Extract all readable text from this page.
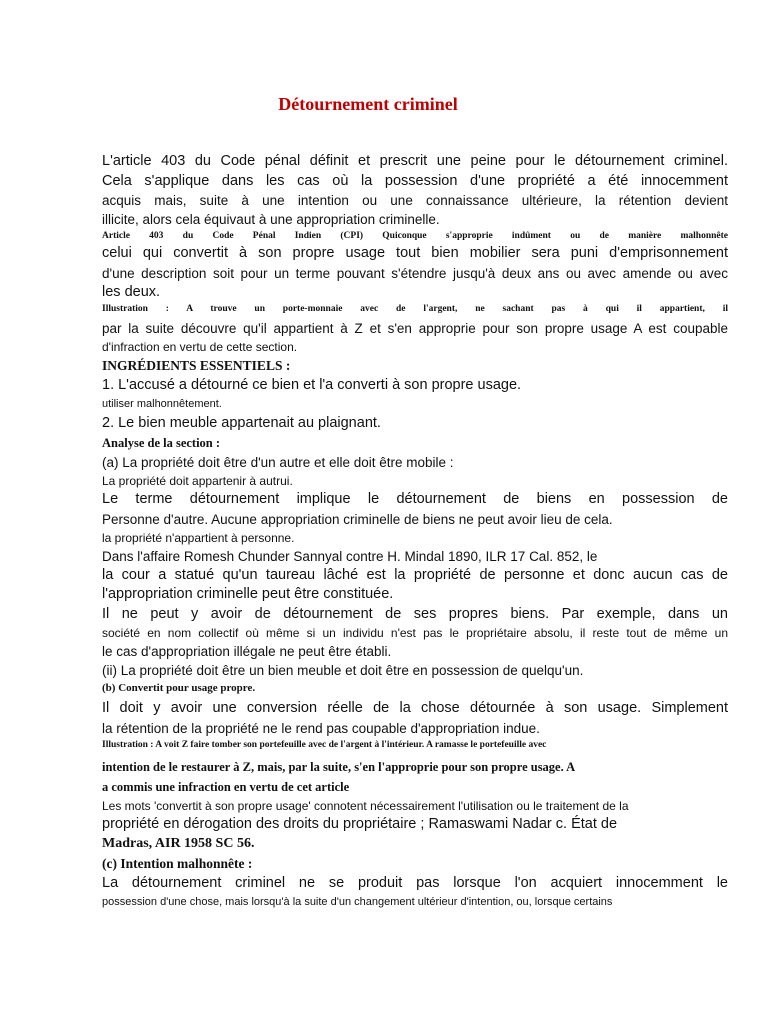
Détournement criminel

L'article 403 du Code pénal définit et prescrit une peine pour le détournement criminel.

Cela s'applique dans les cas où la possession d'une propriété a été innocemment

acquis mais, suite à une intention ou une connaissance ultérieure, la rétention devient

illicite, alors cela équivaut à une appropriation criminelle.

Article 403 du Code Pénal Indien (CPI) Quiconque s'approprie indûment ou de manière malhonnête

celui qui convertit à son propre usage tout bien mobilier sera puni d'emprisonnement

d'une description soit pour un terme pouvant s'étendre jusqu'à deux ans ou avec amende ou avec

les deux.

Illustration : A trouve un porte-monnaie avec de l'argent, ne sachant pas à qui il appartient, il

par la suite découvre qu'il appartient à Z et s'en approprie pour son propre usage A est coupable

d'infraction en vertu de cette section.

INGRÉDIENTS ESSENTIELS :

1. L'accusé a détourné ce bien et l'a converti à son propre usage.

utiliser malhonnêtement.

2. Le bien meuble appartenait au plaignant.

Analyse de la section :

(a) La propriété doit être d'un autre et elle doit être mobile :

La propriété doit appartenir à autrui.

Le terme détournement implique le détournement de biens en possession de

Personne d'autre. Aucune appropriation criminelle de biens ne peut avoir lieu de cela.

la propriété n'appartient à personne.

Dans l'affaire Romesh Chunder Sannyal contre H. Mindal 1890, ILR 17 Cal. 852, le

la cour a statué qu'un taureau lâché est la propriété de personne et donc aucun cas de

l'appropriation criminelle peut être constituée.

Il ne peut y avoir de détournement de ses propres biens. Par exemple, dans un

société en nom collectif où même si un individu n'est pas le propriétaire absolu, il reste tout de même un

le cas d'appropriation illégale ne peut être établi.

(ii) La propriété doit être un bien meuble et doit être en possession de quelqu'un.

(b) Convertit pour usage propre.

Il doit y avoir une conversion réelle de la chose détournée à son usage. Simplement

la rétention de la propriété ne le rend pas coupable d'appropriation indue.

Illustration : A voit Z faire tomber son portefeuille avec de l'argent à l'intérieur. A ramasse le portefeuille avec

intention de le restaurer à Z, mais, par la suite, s'en l'approprie pour son propre usage. A

a commis une infraction en vertu de cet article

Les mots 'convertit à son propre usage' connotent nécessairement l'utilisation ou le traitement de la

propriété en dérogation des droits du propriétaire ; Ramaswami Nadar c. État de

Madras, AIR 1958 SC 56.

(c) Intention malhonnête :

La détournement criminel ne se produit pas lorsque l'on acquiert innocemment le

possession d'une chose, mais lorsqu'à la suite d'un changement ultérieur d'intention, ou, lorsque certains
